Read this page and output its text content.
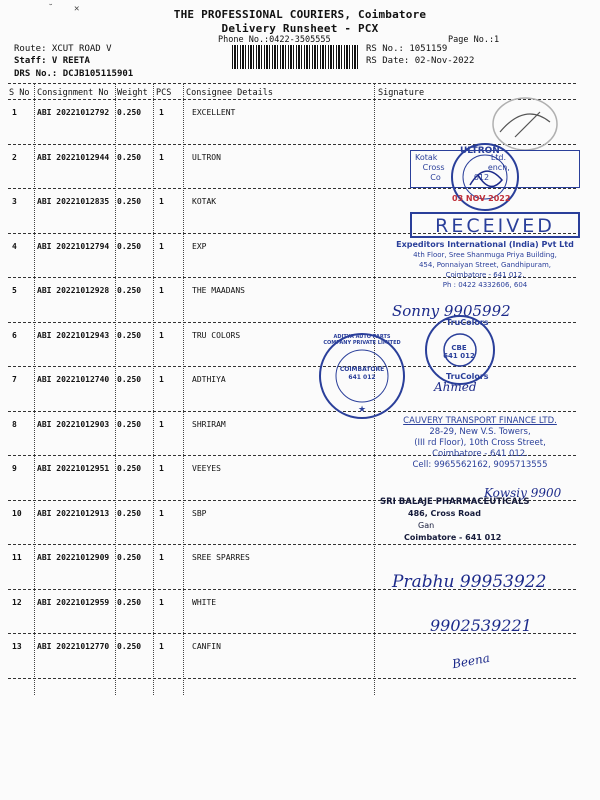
THE PROFESSIONAL COURIERS, Coimbatore
Delivery Runsheet - PCX
Phone No.:0422-3505555	Page No.:1
Route: XCUT ROAD V
Staff: V REETA
DRS No.: DCJB105115901
RS No.: 1051159
RS Date: 02-Nov-2022
S No Consignment No Weight PCS Consignee Details	Signature
1	ABI 20221012792 0.250 1	EXCELLENT
2	ABI 20221012944 0.250 1	ULTRON
3	ABI 20221012835 0.250 1	KOTAK
4	ABI 20221012794 0.250 1	EXP
5	ABI 20221012928 0.250 1	THE MAADANS
6	ABI 20221012943 0.250 1	TRU COLORS
7	ABI 20221012740 0.250 1	ADTHIYA
8	ABI 20221012903 0.250 1	SHRIRAM
9	ABI 20221012951 0.250 1	VEEYES
10 ABI 20221012913 0.250 1	SBP
11 ABI 20221012909 0.250 1	SREE SPARRES
12 ABI 20221012959 0.250 1	WHITE
13 ABI 20221012770 0.250 1	CANFIN
Kotak	Ltd.
Cross	ench,
Co	012
ULTRON
03 NOV 2022
RECEIVED
Expeditors International (India) Pvt Ltd
4th Floor, Sree Shanmuga Priya Building,
454, Ponnaiyan Street, Gandhipuram,
Coimbatore - 641 012.
Ph : 0422 4332606, 604
Sonny 9905992
TruColors
CBE 641 012
TruColors
★
ADITYA AUTO PARTS COMPANY PRIVATE LIMITED
COIMBATORE 641 012
Ahmed
CAUVERY TRANSPORT FINANCE LTD.
28-29, New V.S. Towers,
(III rd Floor), 10th Cross Street,
Coimbatore - 641 012.
Cell: 9965562162, 9095713555
Kowsiy 9900
SRI BALAJE PHARMACEUTICALS
486, Cross Road
Gan
Coimbatore - 641 012
Prabhu 99953922
9902539221
Beena
˘ ✕
